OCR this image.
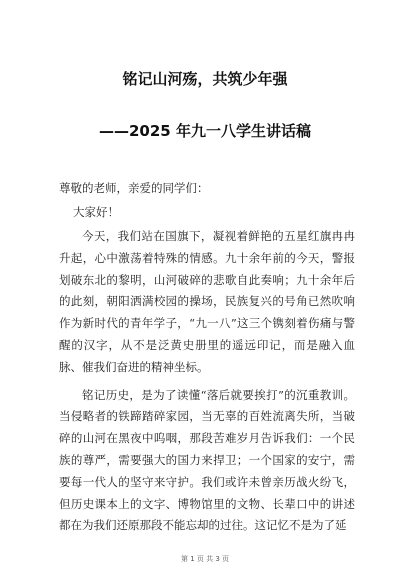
铭记山河殇，共筑少年强
——2025 年九一八学生讲话稿
尊敬的老师，亲爱的同学们：
大家好！

今天，我们站在国旗下，凝视着鲜艳的五星红旗冉冉升起，心中激荡着特殊的情感。九十余年前的今天，警报划破东北的黎明，山河破碎的悲歌自此奏响；九十余年后的此刻，朝阳洒满校园的操场，民族复兴的号角已然吹响作为新时代的青年学子，“九一八”这三个镌刻着伤痛与警醒的汉字，从不是泛黄史册里的遥远印记，而是融入血脉、催我们奋进的精神坐标。

铭记历史，是为了读懂“落后就要挨打”的沉重教训。当侵略者的铁蹄踏碎家园，当无辜的百姓流离失所，当破碎的山河在黑夜中呜咽，那段苦难岁月告诉我们：一个民族的尊严，需要强大的国力来捍卫；一个国家的安宁，需要每一代人的坚守来守护。我们或许未曾亲历战火纷飞，但历史课本上的文字、博物馆里的文物、长辈口中的讲述都在为我们还原那段不能忘却的过往。这记忆不是为了延

第 1 页 共 3 页
